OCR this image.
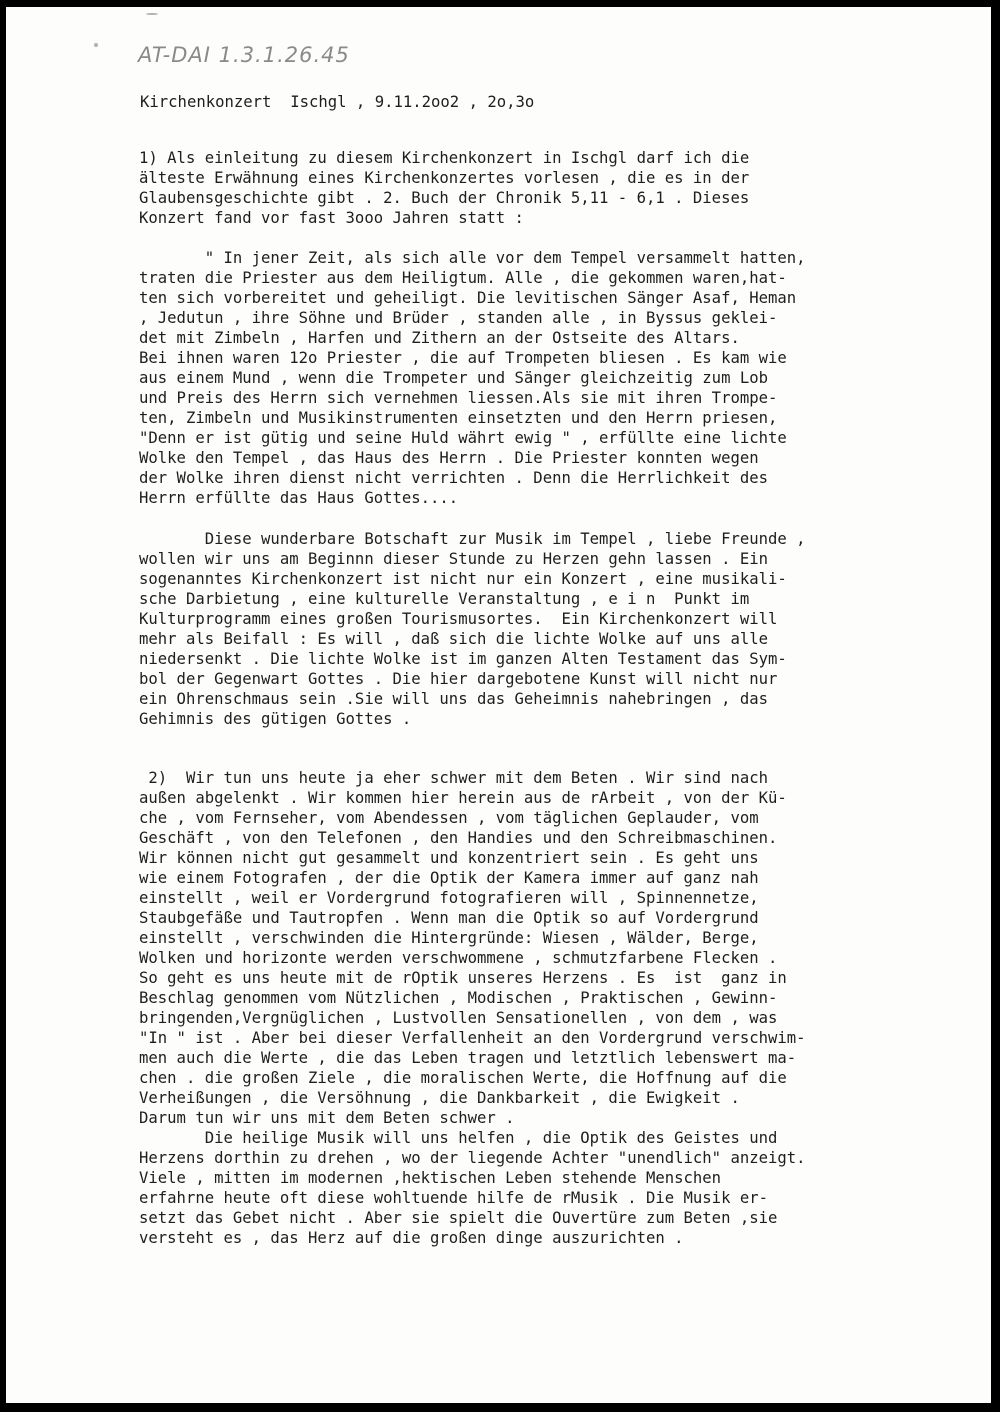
AT-DAI 1.3.1.26.45
Kirchenkonzert  Ischgl , 9.11.2oo2 , 2o,3o
1) Als einleitung zu diesem Kirchenkonzert in Ischgl darf ich die
älteste Erwähnung eines Kirchenkonzertes vorlesen , die es in der
Glaubensgeschichte gibt . 2. Buch der Chronik 5,11 - 6,1 . Dieses
Konzert fand vor fast 3ooo Jahren statt :
" In jener Zeit, als sich alle vor dem Tempel versammelt hatten,
traten die Priester aus dem Heiligtum. Alle , die gekommen waren,hat-
ten sich vorbereitet und geheiligt. Die levitischen Sänger Asaf, Heman
, Jedutun , ihre Söhne und Brüder , standen alle , in Byssus geklei-
det mit Zimbeln , Harfen und Zithern an der Ostseite des Altars.
Bei ihnen waren 12o Priester , die auf Trompeten bliesen . Es kam wie
aus einem Mund , wenn die Trompeter und Sänger gleichzeitig zum Lob
und Preis des Herrn sich vernehmen liessen.Als sie mit ihren Trompe-
ten, Zimbeln und Musikinstrumenten einsetzten und den Herrn priesen,
"Denn er ist gütig und seine Huld währt ewig " , erfüllte eine lichte
Wolke den Tempel , das Haus des Herrn . Die Priester konnten wegen
der Wolke ihren dienst nicht verrichten . Denn die Herrlichkeit des
Herrn erfüllte das Haus Gottes....
Diese wunderbare Botschaft zur Musik im Tempel , liebe Freunde ,
wollen wir uns am Beginnn dieser Stunde zu Herzen gehn lassen . Ein
sogenanntes Kirchenkonzert ist nicht nur ein Konzert , eine musikali-
sche Darbietung , eine kulturelle Veranstaltung , e i n  Punkt im
Kulturprogramm eines großen Tourismusortes.  Ein Kirchenkonzert will
mehr als Beifall : Es will , daß sich die lichte Wolke auf uns alle
niedersenkt . Die lichte Wolke ist im ganzen Alten Testament das Sym-
bol der Gegenwart Gottes . Die hier dargebotene Kunst will nicht nur
ein Ohrenschmaus sein .Sie will uns das Geheimnis nahebringen , das
Gehimnis des gütigen Gottes .
2)  Wir tun uns heute ja eher schwer mit dem Beten . Wir sind nach
außen abgelenkt . Wir kommen hier herein aus de rArbeit , von der Kü-
che , vom Fernseher, vom Abendessen , vom täglichen Geplauder, vom
Geschäft , von den Telefonen , den Handies und den Schreibmaschinen.
Wir können nicht gut gesammelt und konzentriert sein . Es geht uns
wie einem Fotografen , der die Optik der Kamera immer auf ganz nah
einstellt , weil er Vordergrund fotografieren will , Spinnennetze,
Staubgefäße und Tautropfen . Wenn man die Optik so auf Vordergrund
einstellt , verschwinden die Hintergründe: Wiesen , Wälder, Berge,
Wolken und horizonte werden verschwommene , schmutzfarbene Flecken .
So geht es uns heute mit de rOptik unseres Herzens . Es  ist  ganz in
Beschlag genommen vom Nützlichen , Modischen , Praktischen , Gewinn-
bringenden,Vergnüglichen , Lustvollen Sensationellen , von dem , was
"In " ist . Aber bei dieser Verfallenheit an den Vordergrund verschwim-
men auch die Werte , die das Leben tragen und letztlich lebenswert ma-
chen . die großen Ziele , die moralischen Werte, die Hoffnung auf die
Verheißungen , die Versöhnung , die Dankbarkeit , die Ewigkeit .
Darum tun wir uns mit dem Beten schwer .
Die heilige Musik will uns helfen , die Optik des Geistes und
Herzens dorthin zu drehen , wo der liegende Achter "unendlich" anzeigt.
Viele , mitten im modernen ,hektischen Leben stehende Menschen
erfahrne heute oft diese wohltuende hilfe de rMusik . Die Musik er-
setzt das Gebet nicht . Aber sie spielt die Ouvertüre zum Beten ,sie
versteht es , das Herz auf die großen dinge auszurichten .
